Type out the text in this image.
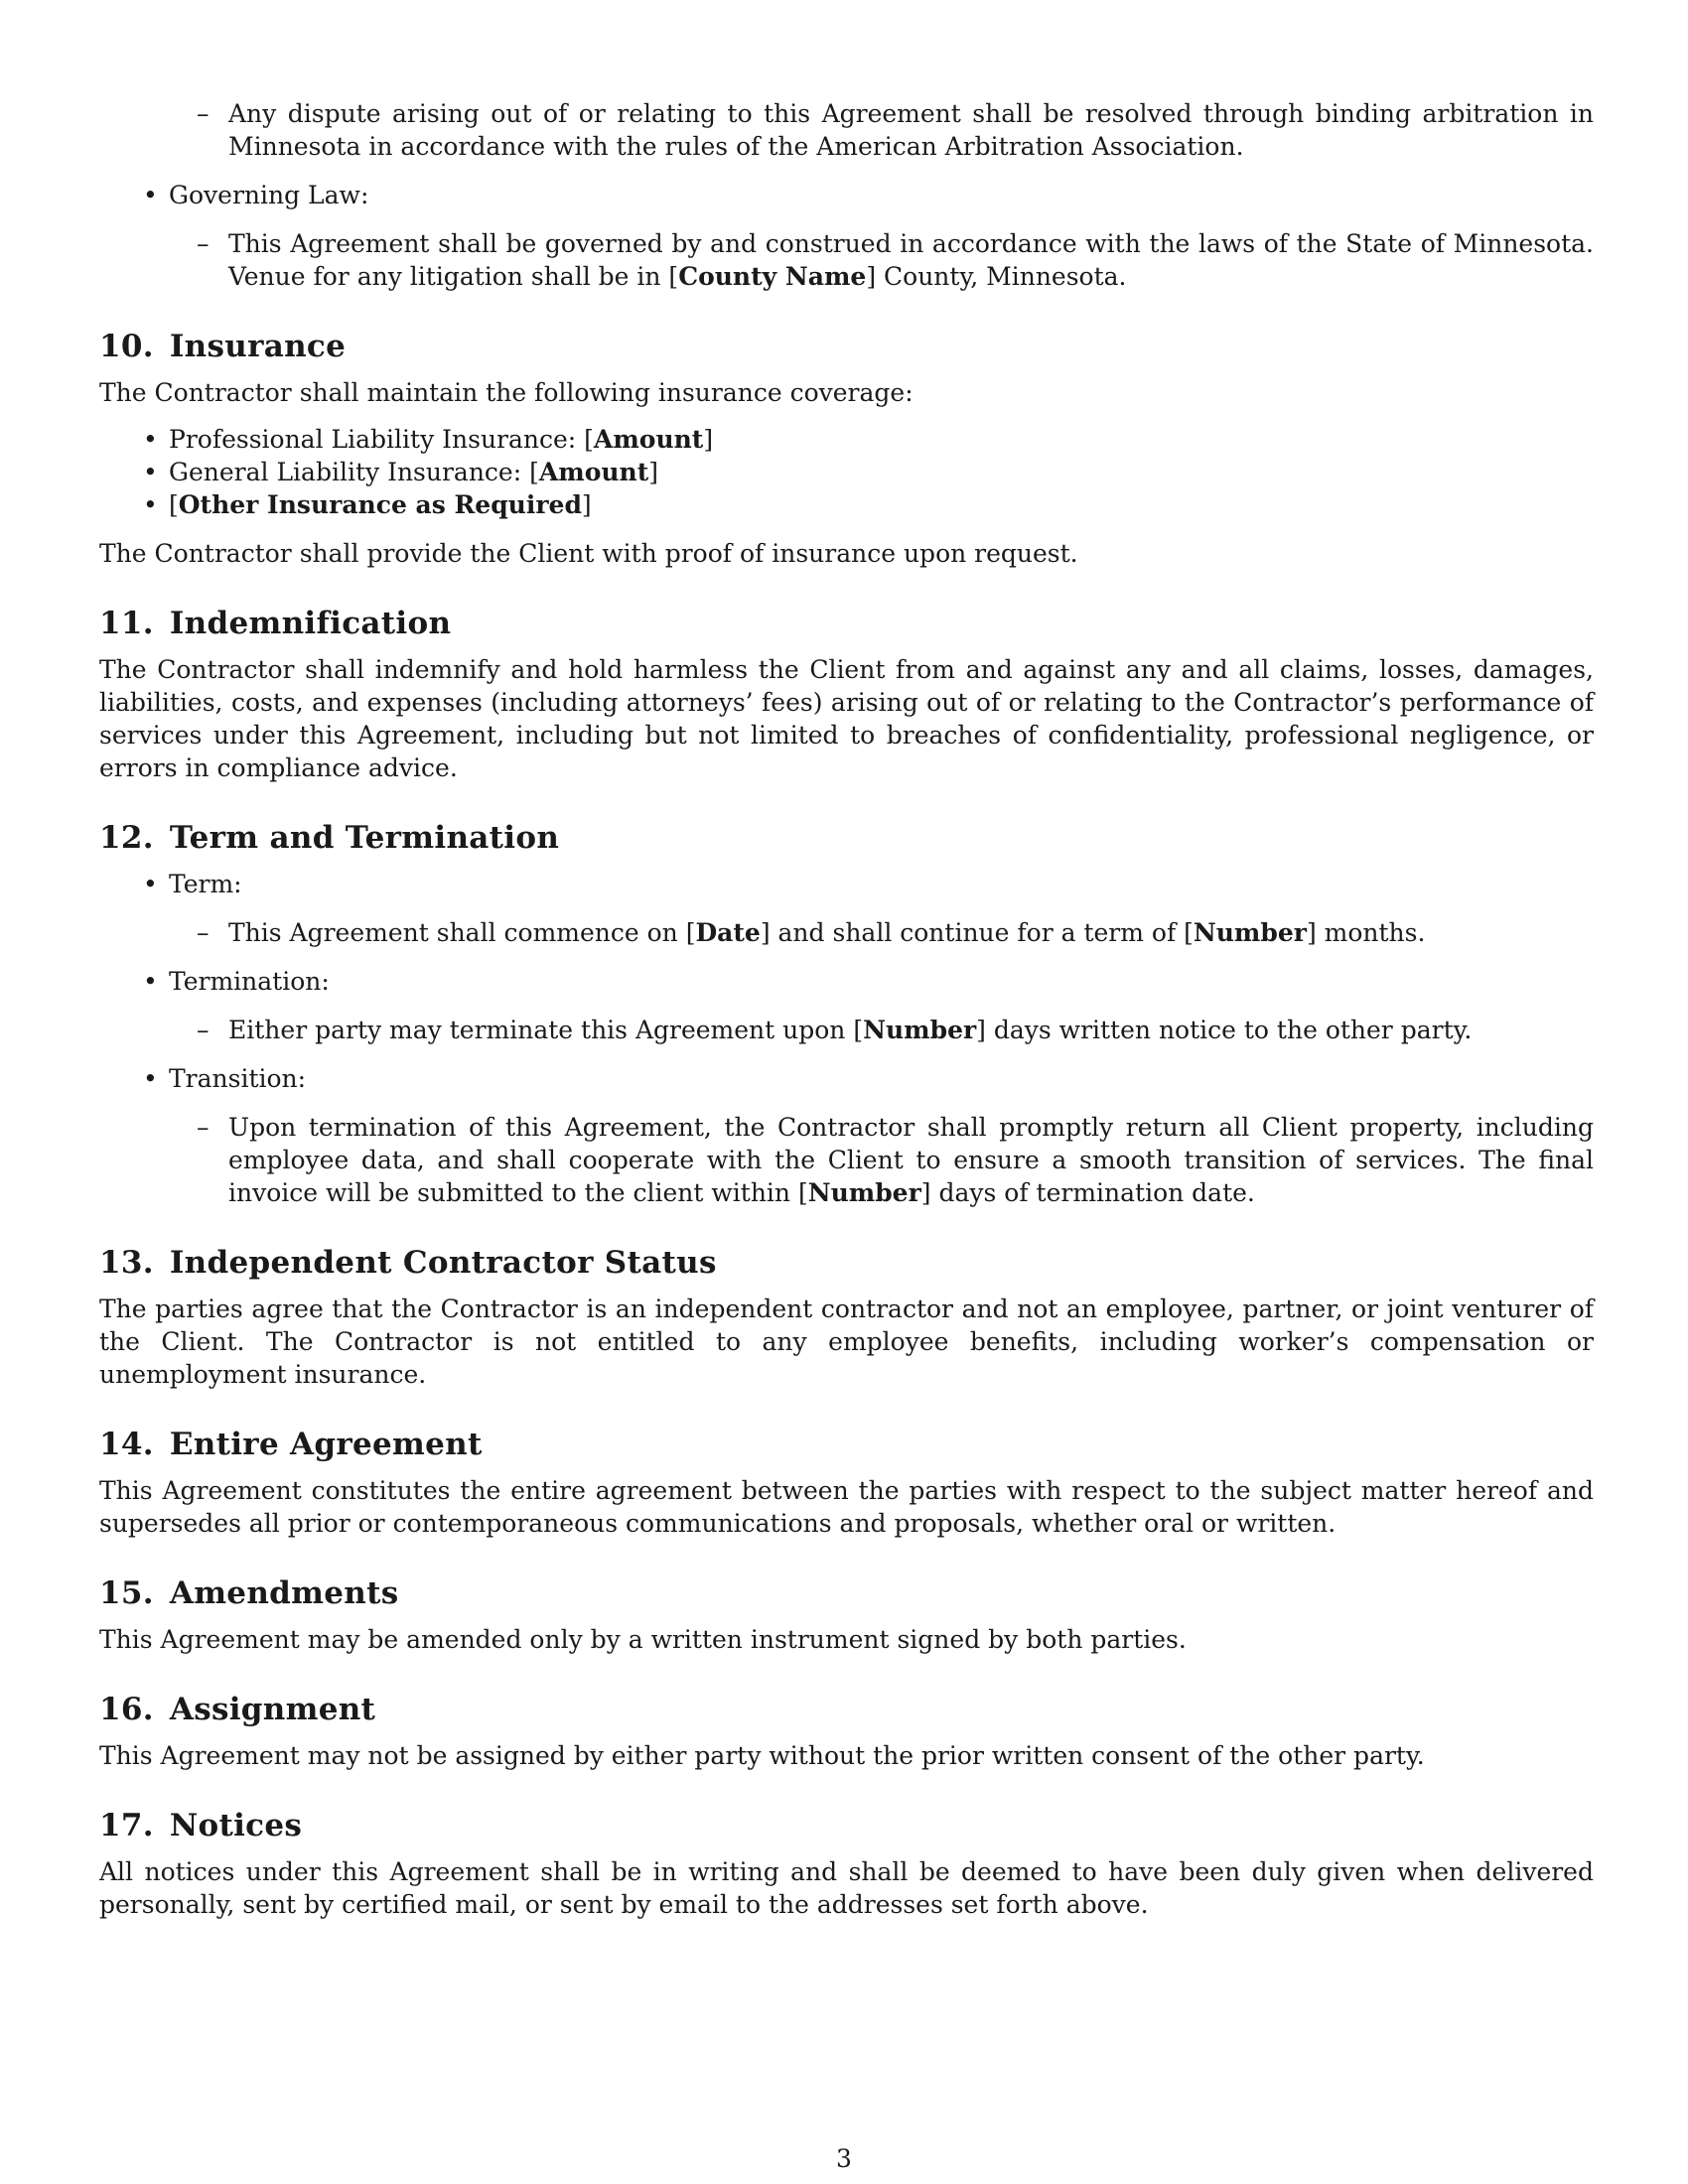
– Any dispute arising out of or relating to this Agreement shall be resolved through binding arbitration in Minnesota in accordance with the rules of the American Arbitration Association.

• Governing Law:

– This Agreement shall be governed by and construed in accordance with the laws of the State of Minnesota. Venue for any litigation shall be in [County Name] County, Minnesota.

10. Insurance

The Contractor shall maintain the following insurance coverage:

• Professional Liability Insurance: [Amount]
• General Liability Insurance: [Amount]
• [Other Insurance as Required]

The Contractor shall provide the Client with proof of insurance upon request.

11. Indemnification

The Contractor shall indemnify and hold harmless the Client from and against any and all claims, losses, damages, liabilities, costs, and expenses (including attorneys’ fees) arising out of or relating to the Contractor’s performance of services under this Agreement, including but not limited to breaches of confidentiality, professional negligence, or errors in compliance advice.

12. Term and Termination
• Term:

– This Agreement shall commence on [Date] and shall continue for a term of [Number] months.

• Termination:

– Either party may terminate this Agreement upon [Number] days written notice to the other party.

• Transition:

– Upon termination of this Agreement, the Contractor shall promptly return all Client property, including employee data, and shall cooperate with the Client to ensure a smooth transition of services. The final invoice will be submitted to the client within [Number] days of termination date.

13. Independent Contractor Status

The parties agree that the Contractor is an independent contractor and not an employee, partner, or joint venturer of the Client. The Contractor is not entitled to any employee benefits, including worker’s compensation or unemployment insurance.

14. Entire Agreement

This Agreement constitutes the entire agreement between the parties with respect to the subject matter hereof and supersedes all prior or contemporaneous communications and proposals, whether oral or written.

15. Amendments

This Agreement may be amended only by a written instrument signed by both parties.

16. Assignment

This Agreement may not be assigned by either party without the prior written consent of the other party.

17. Notices

All notices under this Agreement shall be in writing and shall be deemed to have been duly given when delivered personally, sent by certified mail, or sent by email to the addresses set forth above.

3
